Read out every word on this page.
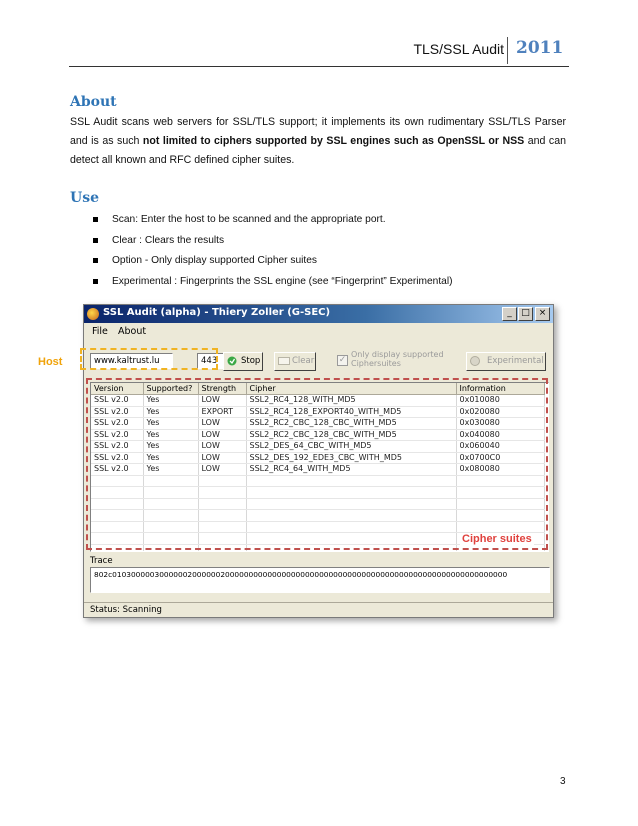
TLS/SSL Audit 2011
About
SSL Audit scans web servers for SSL/TLS support; it implements its own rudimentary SSL/TLS Parser and is as such not limited to ciphers supported by SSL engines such as OpenSSL or NSS and can detect all known and RFC defined cipher suites.
Use
Scan: Enter the host to be scanned and the appropriate port.
Clear : Clears the results
Option - Only display supported Cipher suites
Experimental : Fingerprints the SSL engine (see “Fingerprint” Experimental)
SSL Audit (alpha) - Thiery Zoller (G-SEC)	_	□ ×
File About
www.kaltrust.lu	443	Stop	Clear	✓
Only display supported Ciphersuites	Experimental
Version	Supported?	Strength	Cipher	Information
SSL v2.0	Yes	LOW	SSL2_RC4_128_WITH_MD5	0x010080
SSL v2.0	Yes	EXPORT	SSL2_RC4_128_EXPORT40_WITH_MD5	0x020080
SSL v2.0	Yes	LOW	SSL2_RC2_CBC_128_CBC_WITH_MD5	0x030080
SSL v2.0	Yes	LOW	SSL2_RC2_CBC_128_CBC_WITH_MD5	0x040080
SSL v2.0	Yes	LOW	SSL2_DES_64_CBC_WITH_MD5	0x060040
SSL v2.0	Yes	LOW	SSL2_DES_192_EDE3_CBC_WITH_MD5	0x0700C0
SSL v2.0	Yes	LOW	SSL2_RC4_64_WITH_MD5	0x080080

Trace
802c010300000300000020000002000000000000000000000000000000000000000000000000000000000000
Status: Scanning
Host
Cipher suites
3
